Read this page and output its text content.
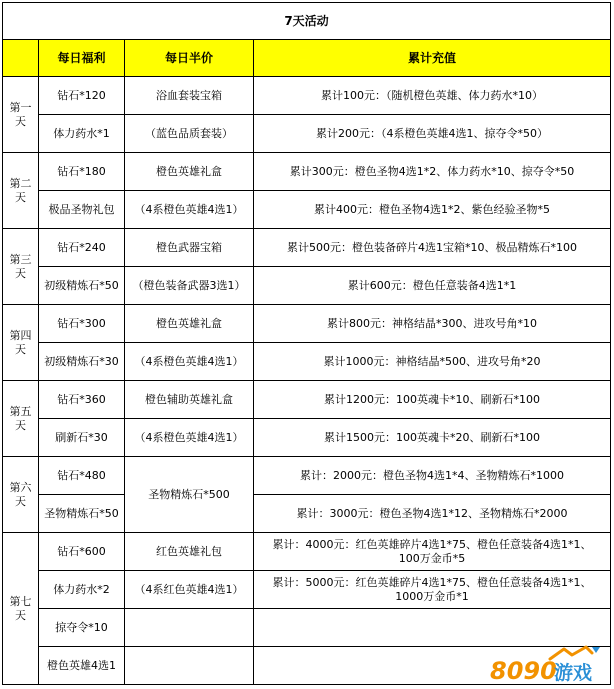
7天活动			
	每日福利	每日半价	累计充值
第一天	钻石*120	浴血套装宝箱	累计100元：（随机橙色英雄、体力药水*10）
	体力药水*1	（蓝色品质套装）	累计200元：（4系橙色英雄4选1、掠夺令*50）
第二天	钻石*180	橙色英雄礼盒	累计300元：橙色圣物4选1*2、体力药水*10、掠夺令*50
	极品圣物礼包	（4系橙色英雄4选1）	累计400元：橙色圣物4选1*2、紫色经验圣物*5
第三天	钻石*240	橙色武器宝箱	累计500元：橙色装备碎片4选1宝箱*10、极品精炼石*100
	初级精炼石*50	（橙色装备武器3选1）	累计600元：橙色任意装备4选1*1
第四天	钻石*300	橙色英雄礼盒	累计800元：神格结晶*300、进攻号角*10
	初级精炼石*30	（4系橙色英雄4选1）	累计1000元：神格结晶*500、进攻号角*20
第五天	钻石*360	橙色辅助英雄礼盒	累计1200元：100英魂卡*10、刷新石*100
	刷新石*30	（4系橙色英雄4选1）	累计1500元：100英魂卡*20、刷新石*100
第六天	钻石*480	圣物精炼石*500	累计：2000元：橙色圣物4选1*4、圣物精炼石*1000
	圣物精炼石*50		累计：3000元：橙色圣物4选1*12、圣物精炼石*2000
第七天	钻石*600	红色英雄礼包	累计：4000元：红色英雄碎片4选1*75、橙色任意装备4选1*1、
100万金币*5
	体力药水*2	（4系红色英雄4选1）	累计：5000元：红色英雄碎片4选1*75、橙色任意装备4选1*1、
1000万金币*1
	掠夺令*10		
	橙色英雄4选1			8090
游戏
